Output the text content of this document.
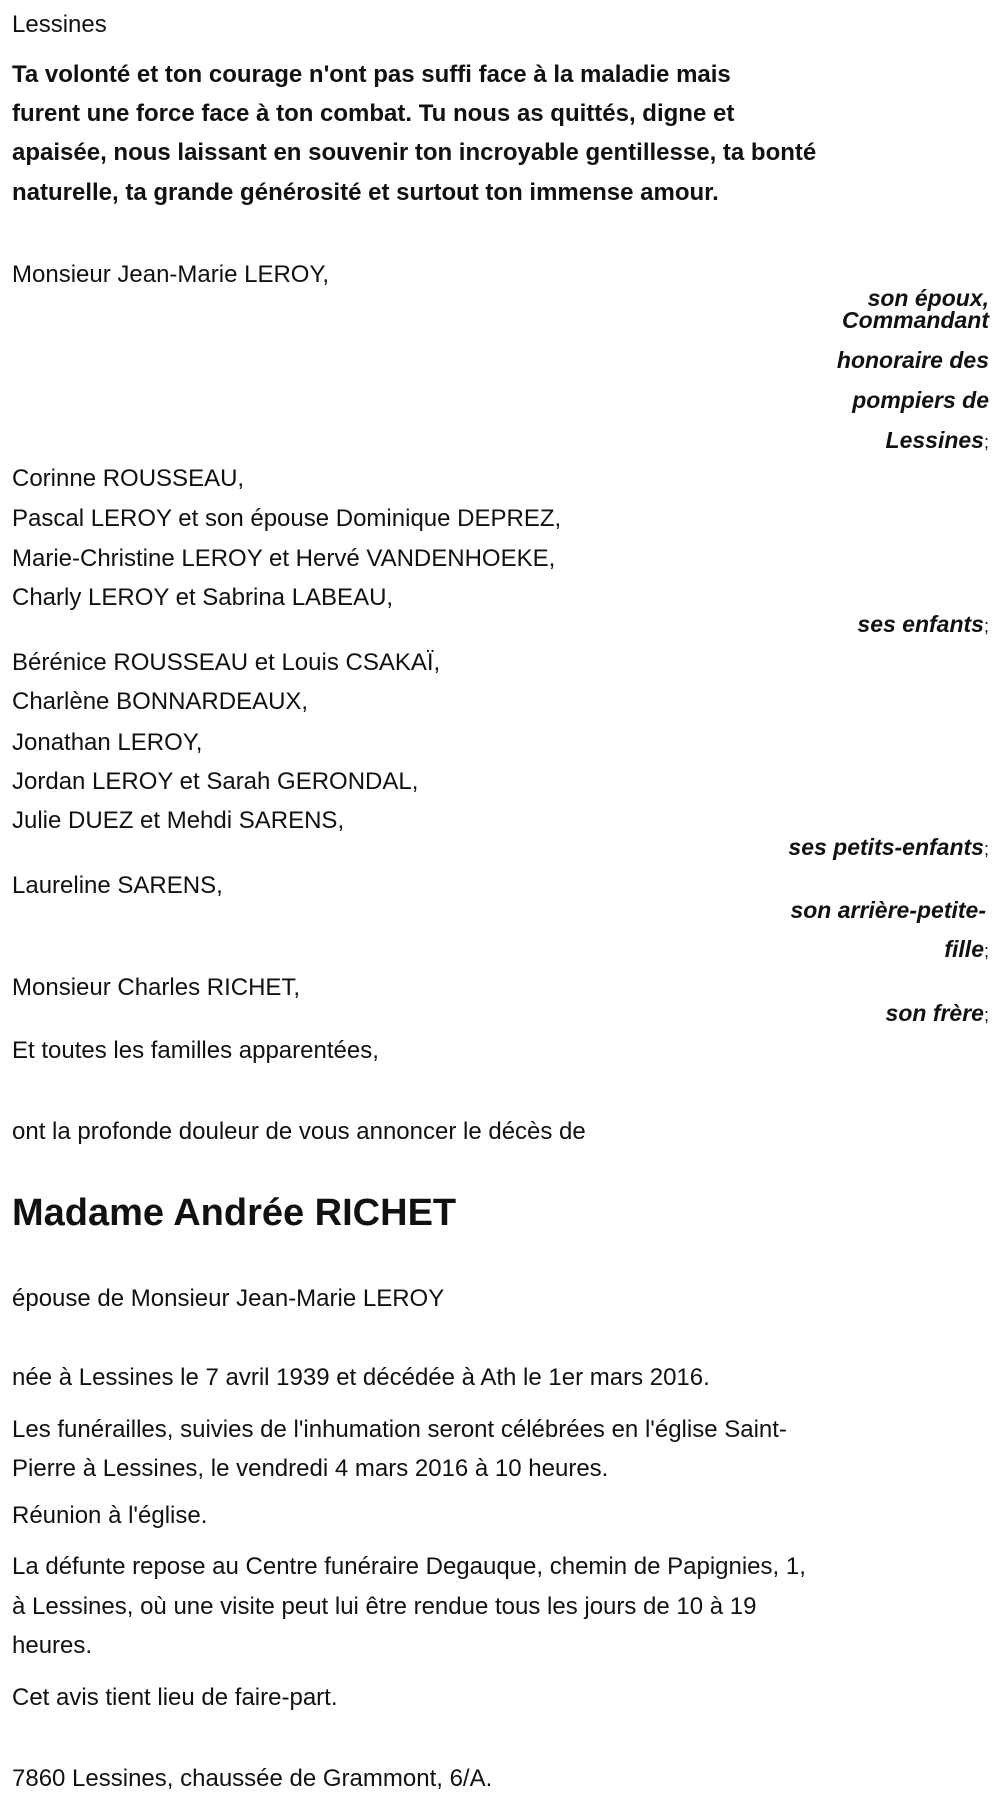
Lessines
Ta volonté et ton courage n'ont pas suffi face à la maladie mais
furent une force face à ton combat. Tu nous as quittés, digne et
apaisée, nous laissant en souvenir ton incroyable gentillesse, ta bonté
naturelle, ta grande générosité et surtout ton immense amour.
Monsieur Jean-Marie LEROY,
son époux,
Commandant
honoraire des
pompiers de
Lessines;
Corinne ROUSSEAU,
Pascal LEROY et son épouse Dominique DEPREZ,
Marie-Christine LEROY et Hervé VANDENHOEKE,
Charly LEROY et Sabrina LABEAU,
ses enfants;
Bérénice ROUSSEAU et Louis CSAKAÏ,
Charlène BONNARDEAUX,
Jonathan LEROY,
Jordan LEROY et Sarah GERONDAL,
Julie DUEZ et Mehdi SARENS,
ses petits-enfants;
Laureline SARENS,
son arrière-petite-
fille;
Monsieur Charles RICHET,
son frère;
Et toutes les familles apparentées,
ont la profonde douleur de vous annoncer le décès de
Madame Andrée RICHET
épouse de Monsieur Jean-Marie LEROY
née à Lessines le 7 avril 1939 et décédée à Ath le 1er mars 2016.
Les funérailles, suivies de l'inhumation seront célébrées en l'église Saint-
Pierre à Lessines, le vendredi 4 mars 2016 à 10 heures.
Réunion à l'église.
La défunte repose au Centre funéraire Degauque, chemin de Papignies, 1,
à Lessines, où une visite peut lui être rendue tous les jours de 10 à 19
heures.
Cet avis tient lieu de faire-part.
7860 Lessines, chaussée de Grammont, 6/A.
